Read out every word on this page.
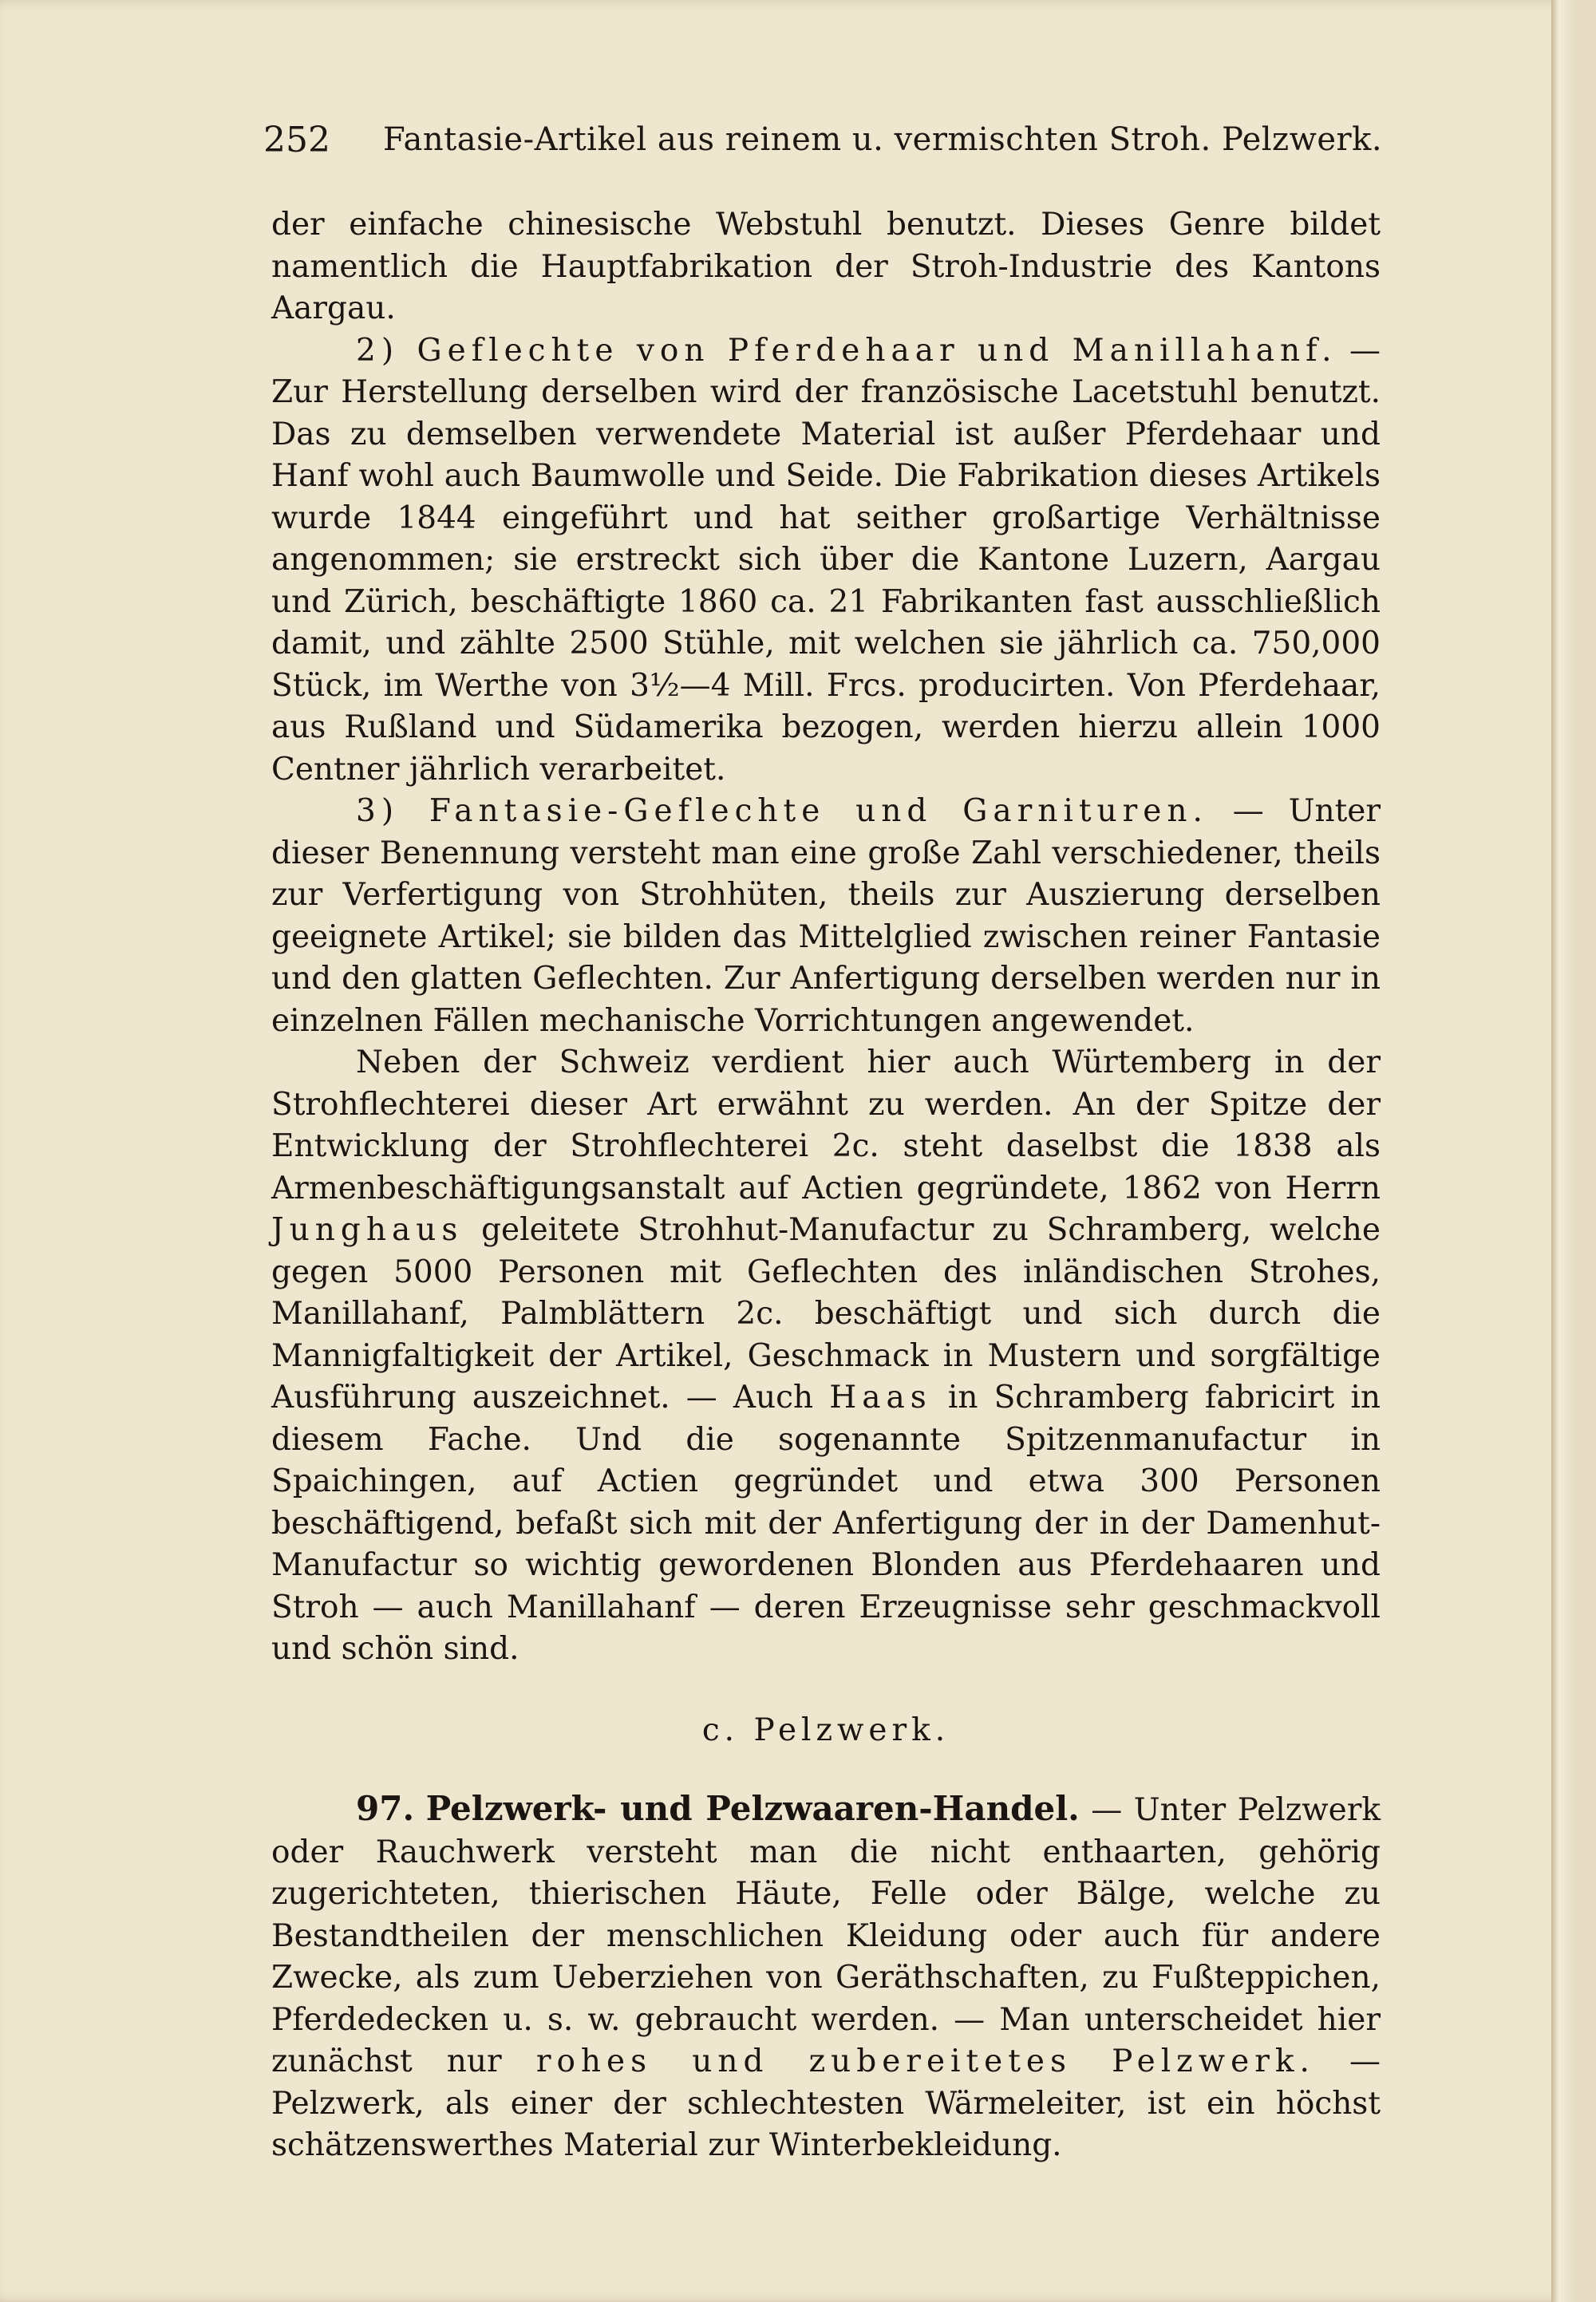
252 Fantasie-Artikel aus reinem u. vermischten Stroh. Pelzwerk.

der einfache chinesische Webstuhl benutzt. Dieses Genre bildet namentlich die Hauptfabrikation der Stroh-Industrie des Kantons Aargau.

2) Geflechte von Pferdehaar und Manillahanf. — Zur Herstellung derselben wird der französische Lacetstuhl benutzt. Das zu demselben verwendete Material ist außer Pferdehaar und Hanf wohl auch Baumwolle und Seide. Die Fabrikation dieses Artikels wurde 1844 eingeführt und hat seither großartige Verhältnisse angenommen; sie erstreckt sich über die Kantone Luzern, Aargau und Zürich, beschäftigte 1860 ca. 21 Fabrikanten fast ausschließlich damit, und zählte 2500 Stühle, mit welchen sie jährlich ca. 750,000 Stück, im Werthe von 3½—4 Mill. Frcs. producirten. Von Pferdehaar, aus Rußland und Südamerika bezogen, werden hierzu allein 1000 Centner jährlich verarbeitet.

3) Fantasie-Geflechte und Garnituren. — Unter dieser Benennung versteht man eine große Zahl verschiedener, theils zur Verfertigung von Strohhüten, theils zur Auszierung derselben geeignete Artikel; sie bilden das Mittelglied zwischen reiner Fantasie und den glatten Geflechten. Zur Anfertigung derselben werden nur in einzelnen Fällen mechanische Vorrichtungen angewendet.

Neben der Schweiz verdient hier auch Würtemberg in der Strohflechterei dieser Art erwähnt zu werden. An der Spitze der Entwicklung der Strohflechterei 2c. steht daselbst die 1838 als Armenbeschäftigungsanstalt auf Actien gegründete, 1862 von Herrn Junghaus geleitete Strohhut-Manufactur zu Schramberg, welche gegen 5000 Personen mit Geflechten des inländischen Strohes, Manillahanf, Palmblättern 2c. beschäftigt und sich durch die Mannigfaltigkeit der Artikel, Geschmack in Mustern und sorgfältige Ausführung auszeichnet. — Auch Haas in Schramberg fabricirt in diesem Fache. Und die sogenannte Spitzenmanufactur in Spaichingen, auf Actien gegründet und etwa 300 Personen beschäftigend, befaßt sich mit der Anfertigung der in der Damenhut-Manufactur so wichtig gewordenen Blonden aus Pferdehaaren und Stroh — auch Manillahanf — deren Erzeugnisse sehr geschmackvoll und schön sind.

c. Pelzwerk.

97. Pelzwerk- und Pelzwaaren-Handel. — Unter Pelzwerk oder Rauchwerk versteht man die nicht enthaarten, gehörig zugerichteten, thierischen Häute, Felle oder Bälge, welche zu Bestandtheilen der menschlichen Kleidung oder auch für andere Zwecke, als zum Ueberziehen von Geräthschaften, zu Fußteppichen, Pferdedecken u. s. w. gebraucht werden. — Man unterscheidet hier zunächst nur rohes und zubereitetes Pelzwerk. — Pelzwerk, als einer der schlechtesten Wärmeleiter, ist ein höchst schätzenswerthes Material zur Winterbekleidung.
